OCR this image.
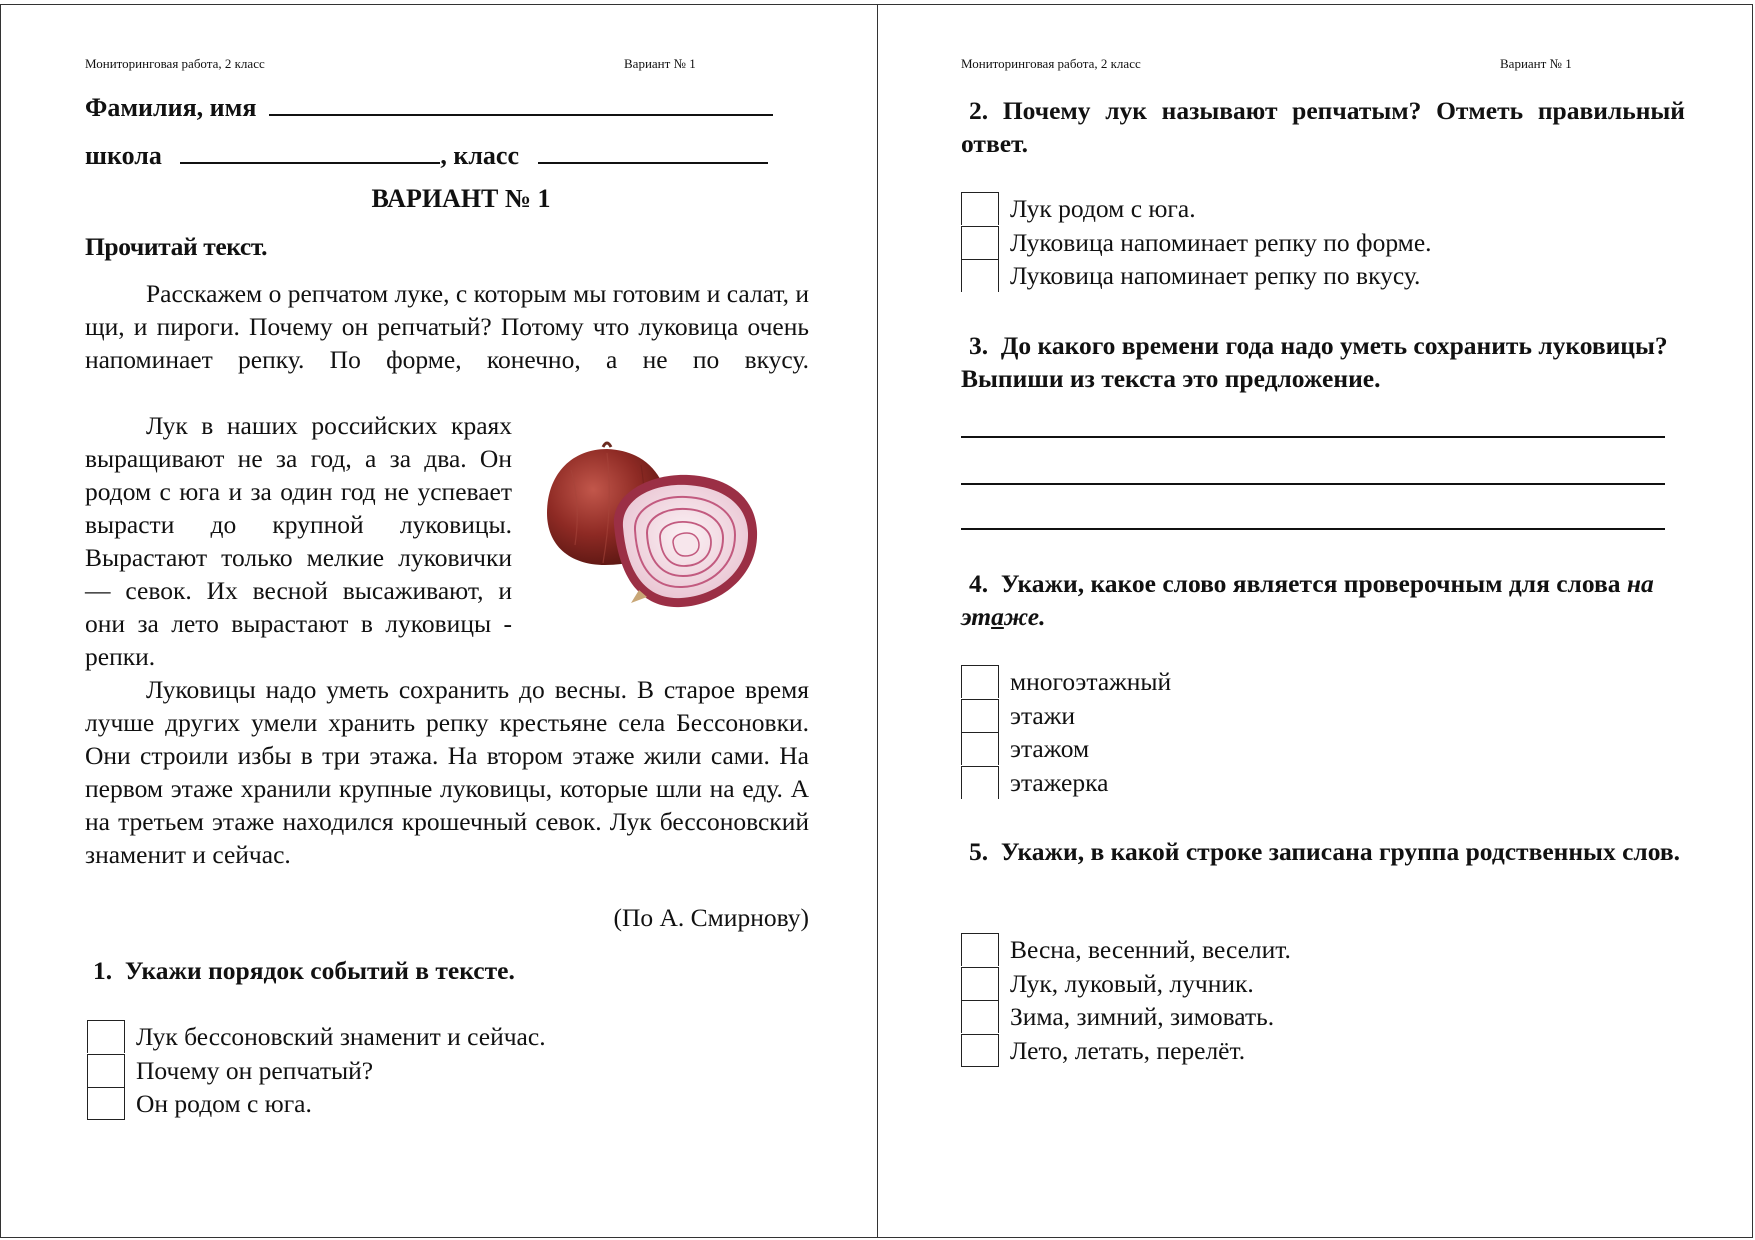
Мониторинговая работа, 2 класс	Вариант № 1
Фамилия, имя
школа	, класс
ВАРИАНТ № 1
Прочитай текст.
Расскажем о репчатом луке, с которым мы готовим и салат, и щи, и пироги. Почему он репчатый? Потому что луковица очень напоминает репку. По форме, конечно, а не по вкусу.
Лук в наших российских краях выращивают не за год, а за два. Он родом с юга и за один год не успевает вырасти до крупной луковицы. Вырастают только мелкие луковички — севок. Их весной высаживают, и они за лето вырастают в луковицы - репки.
Луковицы надо уметь сохранить до весны. В старое время лучше других умели хранить репку крестьяне села Бессоновки. Они строили избы в три этажа. На втором этаже жили сами. На первом этаже хранили крупные луковицы, которые шли на еду. А на третьем этаже находился крошечный севок. Лук бессоновский знаменит и сейчас.
(По А. Смирнову)
1. Укажи порядок событий в тексте.
Лук бессоновский знаменит и сейчас.
Почему он репчатый?
Он родом с юга.
Мониторинговая работа, 2 класс	Вариант № 1
2. Почему лук называют репчатым? Отметь правильный ответ.
Лук родом с юга.
Луковица напоминает репку по форме.
Луковица напоминает репку по вкусу.
3. До какого времени года надо уметь сохранить луковицы? Выпиши из текста это предложение.
4. Укажи, какое слово является проверочным для слова на этаже.
многоэтажный
этажи
этажом
этажерка
5. Укажи, в какой строке записана группа родственных слов.
Весна, весенний, веселит.
Лук, луковый, лучник.
Зима, зимний, зимовать.
Лето, летать, перелёт.
